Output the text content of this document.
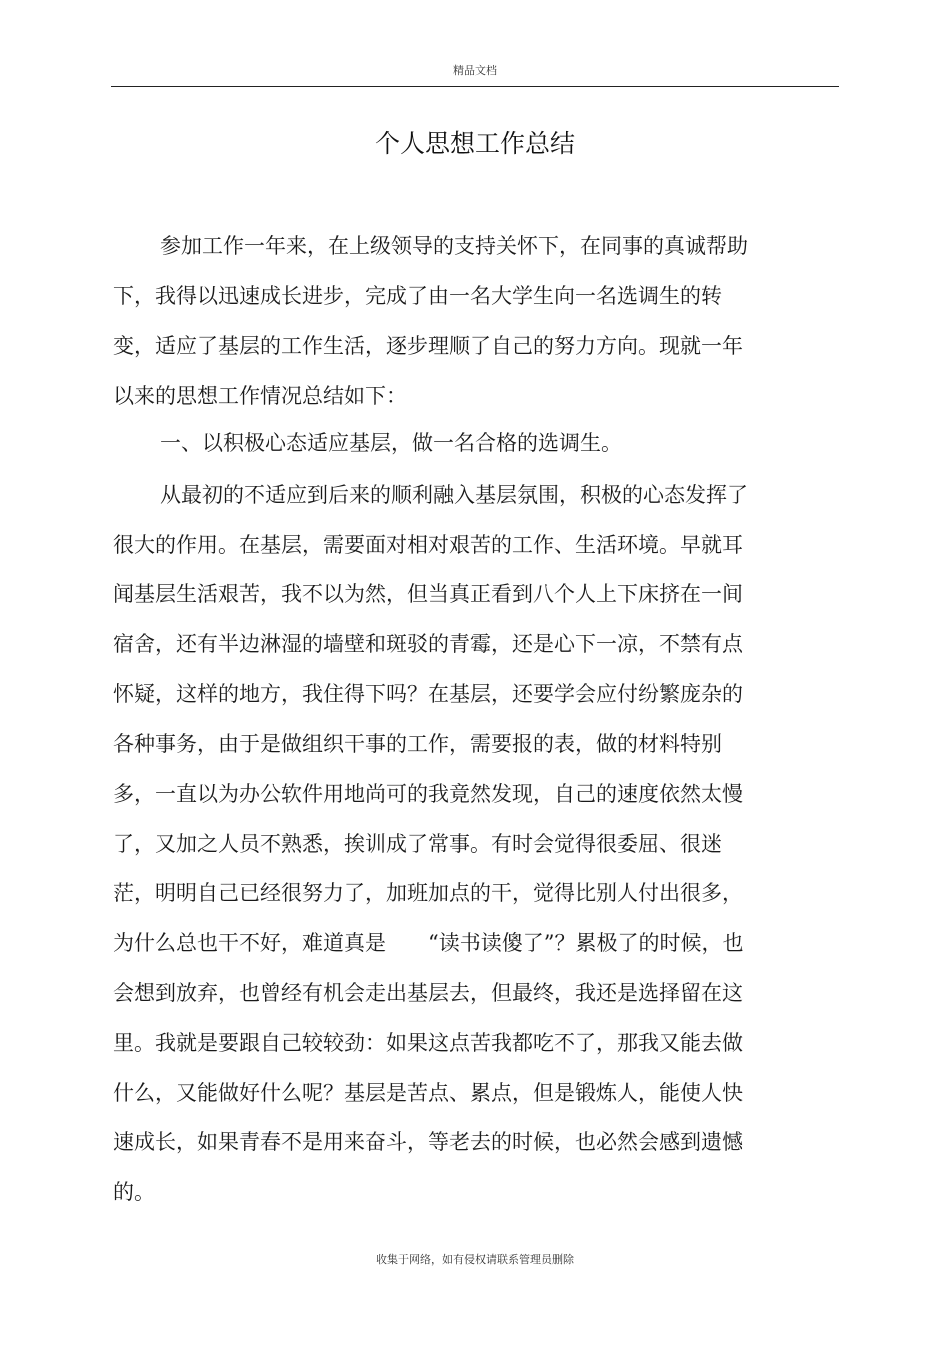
精品文档
个人思想工作总结
参加工作一年来，在上级领导的支持关怀下，在同事的真诚帮助
下，我得以迅速成长进步，完成了由一名大学生向一名选调生的转
变，适应了基层的工作生活，逐步理顺了自己的努力方向。现就一年
以来的思想工作情况总结如下：
一、以积极心态适应基层，做一名合格的选调生。
从最初的不适应到后来的顺利融入基层氛围，积极的心态发挥了
很大的作用。在基层，需要面对相对艰苦的工作、生活环境。早就耳
闻基层生活艰苦，我不以为然，但当真正看到八个人上下床挤在一间
宿舍，还有半边淋湿的墙壁和斑驳的青霉，还是心下一凉，不禁有点
怀疑，这样的地方，我住得下吗？在基层，还要学会应付纷繁庞杂的
各种事务，由于是做组织干事的工作，需要报的表，做的材料特别
多，一直以为办公软件用地尚可的我竟然发现，自己的速度依然太慢
了，又加之人员不熟悉，挨训成了常事。有时会觉得很委屈、很迷
茫，明明自己已经很努力了，加班加点的干，觉得比别人付出很多，
为什么总也干不好，难道真是　　“读书读傻了”？累极了的时候，也
会想到放弃，也曾经有机会走出基层去，但最终，我还是选择留在这
里。我就是要跟自己较较劲：如果这点苦我都吃不了，那我又能去做
什么，又能做好什么呢？基层是苦点、累点，但是锻炼人，能使人快
速成长，如果青春不是用来奋斗，等老去的时候，也必然会感到遗憾
的。
收集于网络，如有侵权请联系管理员删除
